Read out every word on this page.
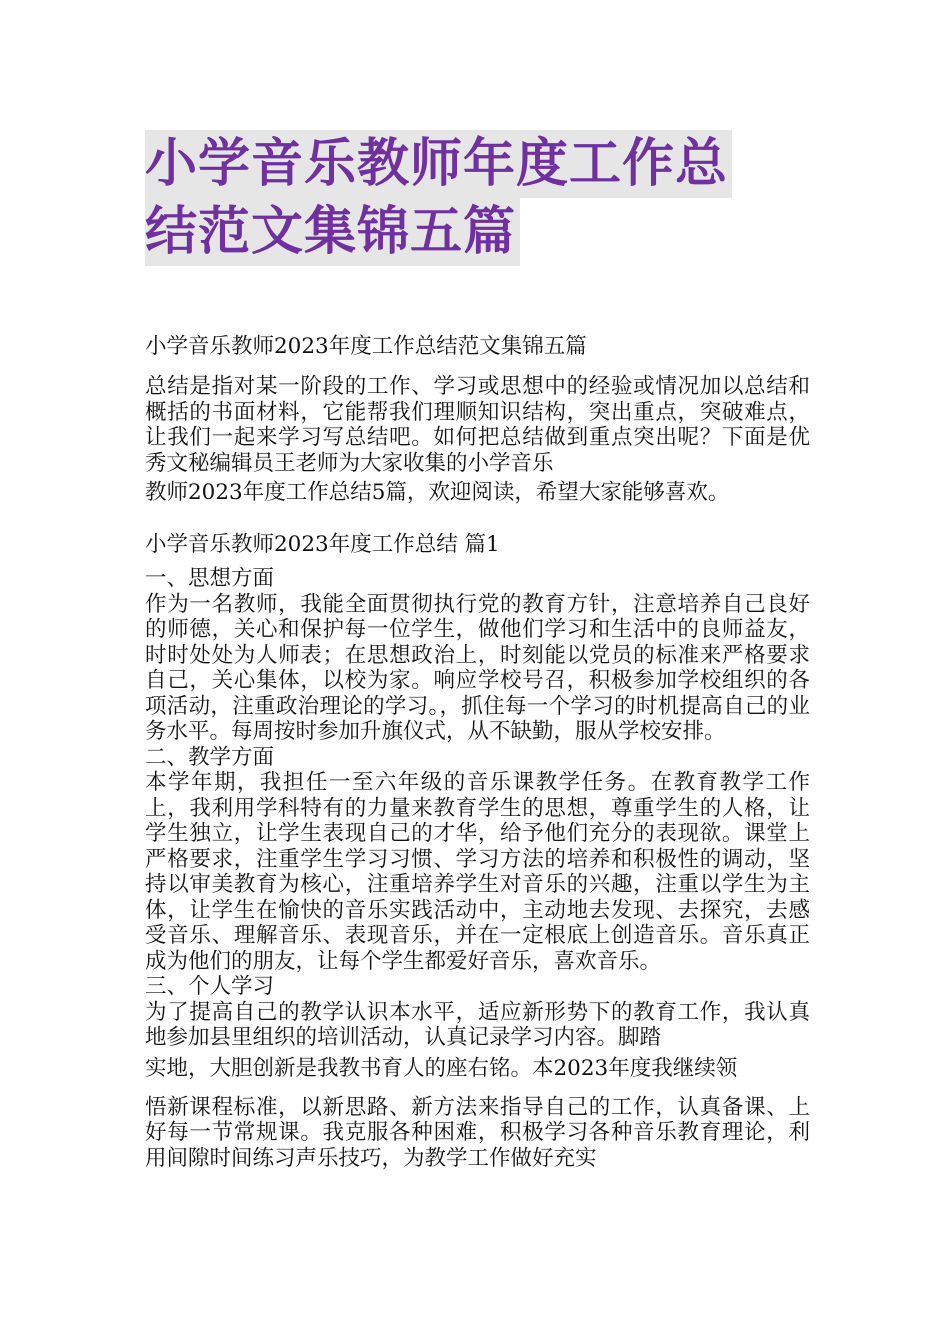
小学音乐教师年度工作总
结范文集锦五篇

小学音乐教师2023年度工作总结范文集锦五篇

总结是指对某一阶段的工作、学习或思想中的经验或情况加以总结和概括的书面材料，它能帮我们理顺知识结构，突出重点，突破难点，让我们一起来学习写总结吧。如何把总结做到重点突出呢？下面是优秀文秘编辑员王老师为大家收集的小学音乐

教师2023年度工作总结5篇，欢迎阅读，希望大家能够喜欢。

小学音乐教师2023年度工作总结 篇1

一、思想方面

作为一名教师，我能全面贯彻执行党的教育方针，注意培养自己良好的师德，关心和保护每一位学生，做他们学习和生活中的良师益友，时时处处为人师表；在思想政治上，时刻能以党员的标准来严格要求自己，关心集体，以校为家。响应学校号召，积极参加学校组织的各项活动，注重政治理论的学习。，抓住每一个学习的时机提高自己的业务水平。每周按时参加升旗仪式，从不缺勤，服从学校安排。

二、教学方面

本学年期，我担任一至六年级的音乐课教学任务。在教育教学工作上，我利用学科特有的力量来教育学生的思想，尊重学生的人格，让学生独立，让学生表现自己的才华，给予他们充分的表现欲。课堂上严格要求，注重学生学习习惯、学习方法的培养和积极性的调动，坚持以审美教育为核心，注重培养学生对音乐的兴趣，注重以学生为主体，让学生在愉快的音乐实践活动中，主动地去发现、去探究，去感受音乐、理解音乐、表现音乐，并在一定根底上创造音乐。音乐真正成为他们的朋友，让每个学生都爱好音乐，喜欢音乐。

三、个人学习

为了提高自己的教学认识本水平，适应新形势下的教育工作，我认真地参加县里组织的培训活动，认真记录学习内容。脚踏

实地，大胆创新是我教书育人的座右铭。本2023年度我继续领

悟新课程标准，以新思路、新方法来指导自己的工作，认真备课、上好每一节常规课。我克服各种困难，积极学习各种音乐教育理论，利用间隙时间练习声乐技巧，为教学工作做好充实
